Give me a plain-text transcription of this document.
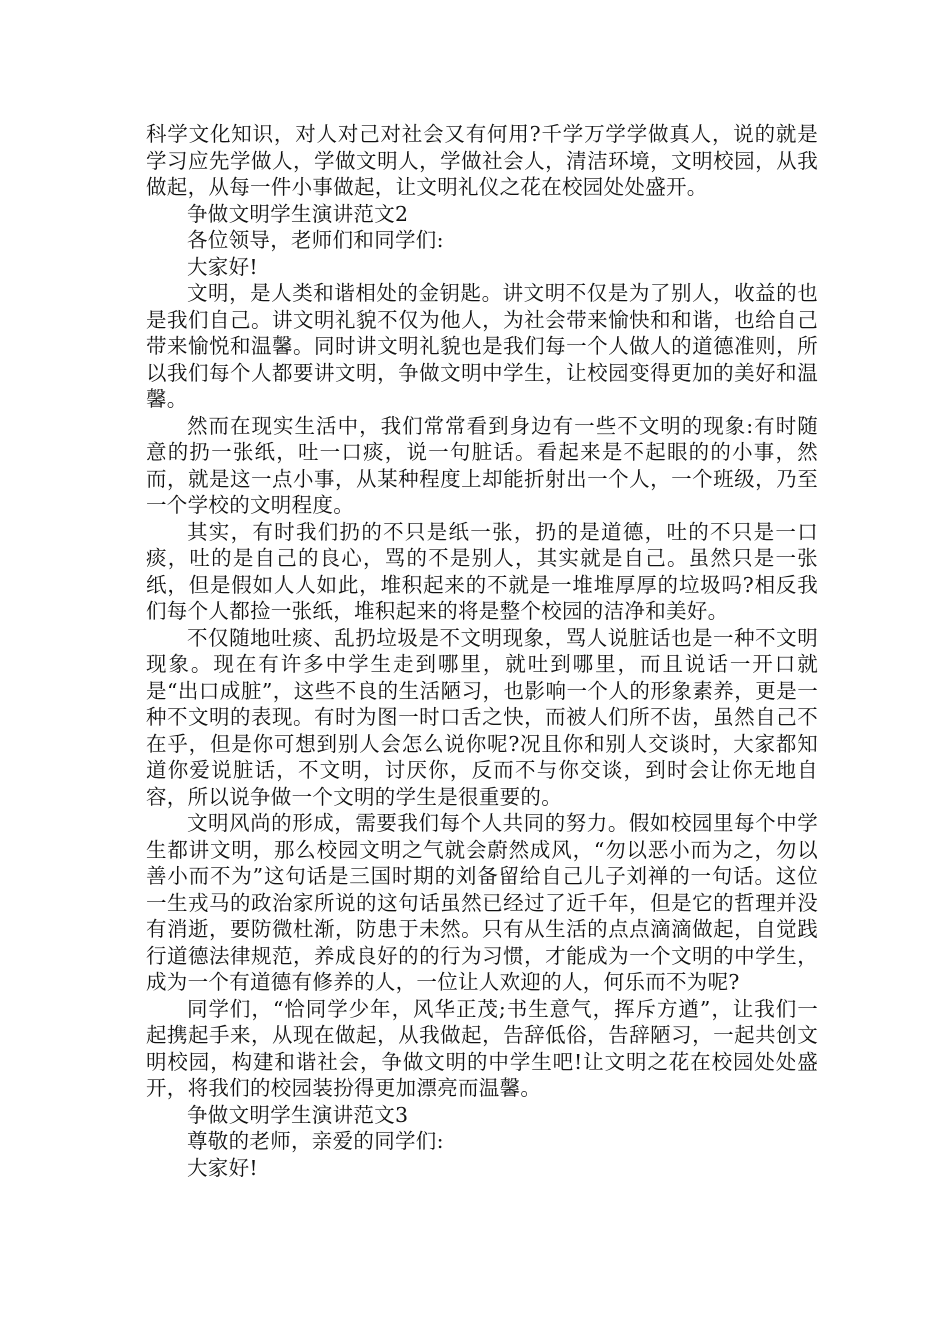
科学文化知识，对人对己对社会又有何用?千学万学学做真人，说的就是学习应先学做人，学做文明人，学做社会人，清洁环境，文明校园，从我做起，从每一件小事做起，让文明礼仪之花在校园处处盛开。

争做文明学生演讲范文2

各位领导，老师们和同学们:

大家好!

文明，是人类和谐相处的金钥匙。讲文明不仅是为了别人，收益的也是我们自己。讲文明礼貌不仅为他人，为社会带来愉快和和谐，也给自己带来愉悦和温馨。同时讲文明礼貌也是我们每一个人做人的道德准则，所以我们每个人都要讲文明，争做文明中学生，让校园变得更加的美好和温馨。

然而在现实生活中，我们常常看到身边有一些不文明的现象:有时随意的扔一张纸，吐一口痰，说一句脏话。看起来是不起眼的的小事，然而，就是这一点小事，从某种程度上却能折射出一个人，一个班级，乃至一个学校的文明程度。

其实，有时我们扔的不只是纸一张，扔的是道德，吐的不只是一口痰，吐的是自己的良心，骂的不是别人，其实就是自己。虽然只是一张纸，但是假如人人如此，堆积起来的不就是一堆堆厚厚的垃圾吗?相反我们每个人都捡一张纸，堆积起来的将是整个校园的洁净和美好。

不仅随地吐痰、乱扔垃圾是不文明现象，骂人说脏话也是一种不文明现象。现在有许多中学生走到哪里，就吐到哪里，而且说话一开口就是“出口成脏”，这些不良的生活陋习，也影响一个人的形象素养，更是一种不文明的表现。有时为图一时口舌之快，而被人们所不齿，虽然自己不在乎，但是你可想到别人会怎么说你呢?况且你和别人交谈时，大家都知道你爱说脏话，不文明，讨厌你，反而不与你交谈，到时会让你无地自容，所以说争做一个文明的学生是很重要的。

文明风尚的形成，需要我们每个人共同的努力。假如校园里每个中学生都讲文明，那么校园文明之气就会蔚然成风，“勿以恶小而为之，勿以善小而不为”这句话是三国时期的刘备留给自己儿子刘禅的一句话。这位一生戎马的政治家所说的这句话虽然已经过了近千年，但是它的哲理并没有消逝，要防微杜渐，防患于未然。只有从生活的点点滴滴做起，自觉践行道德法律规范，养成良好的的行为习惯，才能成为一个文明的中学生，成为一个有道德有修养的人，一位让人欢迎的人，何乐而不为呢?

同学们，“恰同学少年，风华正茂;书生意气，挥斥方遒”，让我们一起携起手来，从现在做起，从我做起，告辞低俗，告辞陋习，一起共创文明校园，构建和谐社会，争做文明的中学生吧!让文明之花在校园处处盛开，将我们的校园装扮得更加漂亮而温馨。

争做文明学生演讲范文3

尊敬的老师，亲爱的同学们:

大家好!
